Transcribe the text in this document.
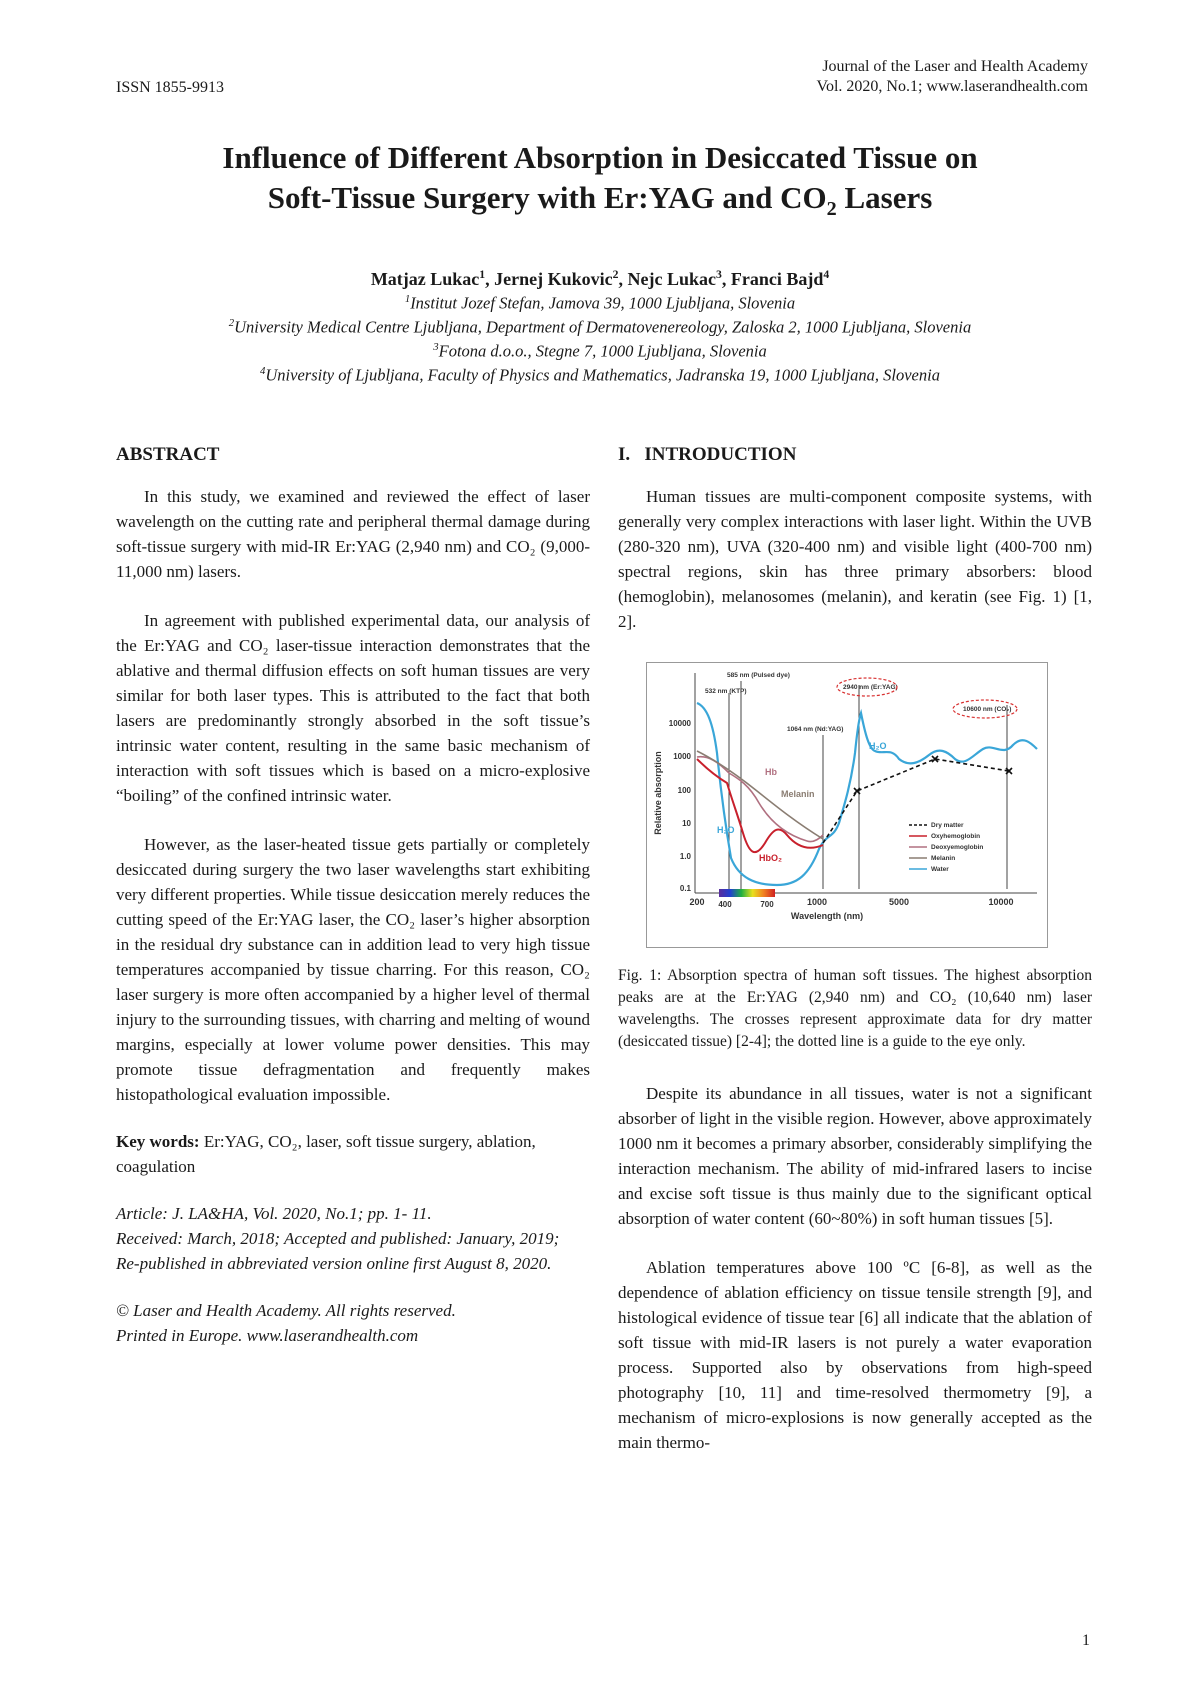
ISSN 1855-9913
Journal of the Laser and Health Academy
Vol. 2020, No.1; www.laserandhealth.com
Influence of Different Absorption in Desiccated Tissue on
Soft-Tissue Surgery with Er:YAG and $CO_2$ Lasers
Matjaz Lukac$^1$, Jernej Kukovic$^2$, Nejc Lukac$^3$, Franci Bajd$^4$
$^1$Institut Jozef Stefan, Jamova 39, 1000 Ljubljana, Slovenia
$^2$University Medical Centre Ljubljana, Department of Dermatovenereology, Zaloska 2, 1000 Ljubljana, Slovenia
$^3$Fotona d.o.o., Stegne 7, 1000 Ljubljana, Slovenia
$^4$University of Ljubljana, Faculty of Physics and Mathematics, Jadranska 19, 1000 Ljubljana, Slovenia
ABSTRACT

In this study, we examined and reviewed the effect of laser wavelength on the cutting rate and peripheral thermal damage during soft-tissue surgery with mid-IR Er:YAG (2,940 nm) and CO₂ (9,000-11,000 nm) lasers.

In agreement with published experimental data, our analysis of the Er:YAG and CO₂ laser-tissue interaction demonstrates that the ablative and thermal diffusion effects on soft human tissues are very similar for both laser types. This is attributed to the fact that both lasers are predominantly strongly absorbed in the soft tissue’s intrinsic water content, resulting in the same basic mechanism of interaction with soft tissues which is based on a micro-explosive “boiling” of the confined intrinsic water.

However, as the laser-heated tissue gets partially or completely desiccated during surgery the two laser wavelengths start exhibiting very different properties. While tissue desiccation merely reduces the cutting speed of the Er:YAG laser, the CO₂ laser’s higher absorption in the residual dry substance can in addition lead to very high tissue temperatures accompanied by tissue charring. For this reason, CO₂ laser surgery is more often accompanied by a higher level of thermal injury to the surrounding tissues, with charring and melting of wound margins, especially at lower volume power densities. This may promote tissue defragmentation and frequently makes histopathological evaluation impossible.

Key words: Er:YAG, CO₂, laser, soft tissue surgery, ablation, coagulation

Article: J. LA&HA, Vol. 2020, No.1; pp. 1- 11.

Received: March, 2018; Accepted and published: January, 2019;

Re-published in abbreviated version online first August 8, 2020.

© Laser and Health Academy. All rights reserved.

Printed in Europe. www.laserandhealth.com

I.   INTRODUCTION

Human tissues are multi-component composite systems, with generally very complex interactions with laser light. Within the UVB (280-320 nm), UVA (320-400 nm) and visible light (400-700 nm) spectral regions, skin has three primary absorbers: blood (hemoglobin), melanosomes (melanin), and keratin (see Fig. 1) [1, 2].

Relative absorption
10000
1000
100
10
1.0
0.1
200	1000	5000	10000
Wavelength (nm)
400	700
585 nm (Pulsed dye)
532 nm (KTP)
1064 nm (Nd:YAG)
2940 nm (Er:YAG)
10600 nm (CO₂)
H₂O
H₂O
Hb
Melanin
HbO₂
Dry matter
Oxyhemoglobin
Deoxyemoglobin
Melanin
Water

Fig. 1: Absorption spectra of human soft tissues. The highest absorption peaks are at the Er:YAG (2,940 nm) and CO₂ (10,640 nm) laser wavelengths. The crosses represent approximate data for dry matter (desiccated tissue) [2-4]; the dotted line is a guide to the eye only.

Despite its abundance in all tissues, water is not a significant absorber of light in the visible region. However, above approximately 1000 nm it becomes a primary absorber, considerably simplifying the interaction mechanism. The ability of mid-infrared lasers to incise and excise soft tissue is thus mainly due to the significant optical absorption of water content (60~80%) in soft human tissues [5].

Ablation temperatures above 100 ºC [6-8], as well as the dependence of ablation efficiency on tissue tensile strength [9], and histological evidence of tissue tear [6] all indicate that the ablation of soft tissue with mid-IR lasers is not purely a water evaporation process. Supported also by observations from high-speed photography [10, 11] and time-resolved thermometry [9], a mechanism of micro-explosions is now generally accepted as the main thermo-

1
